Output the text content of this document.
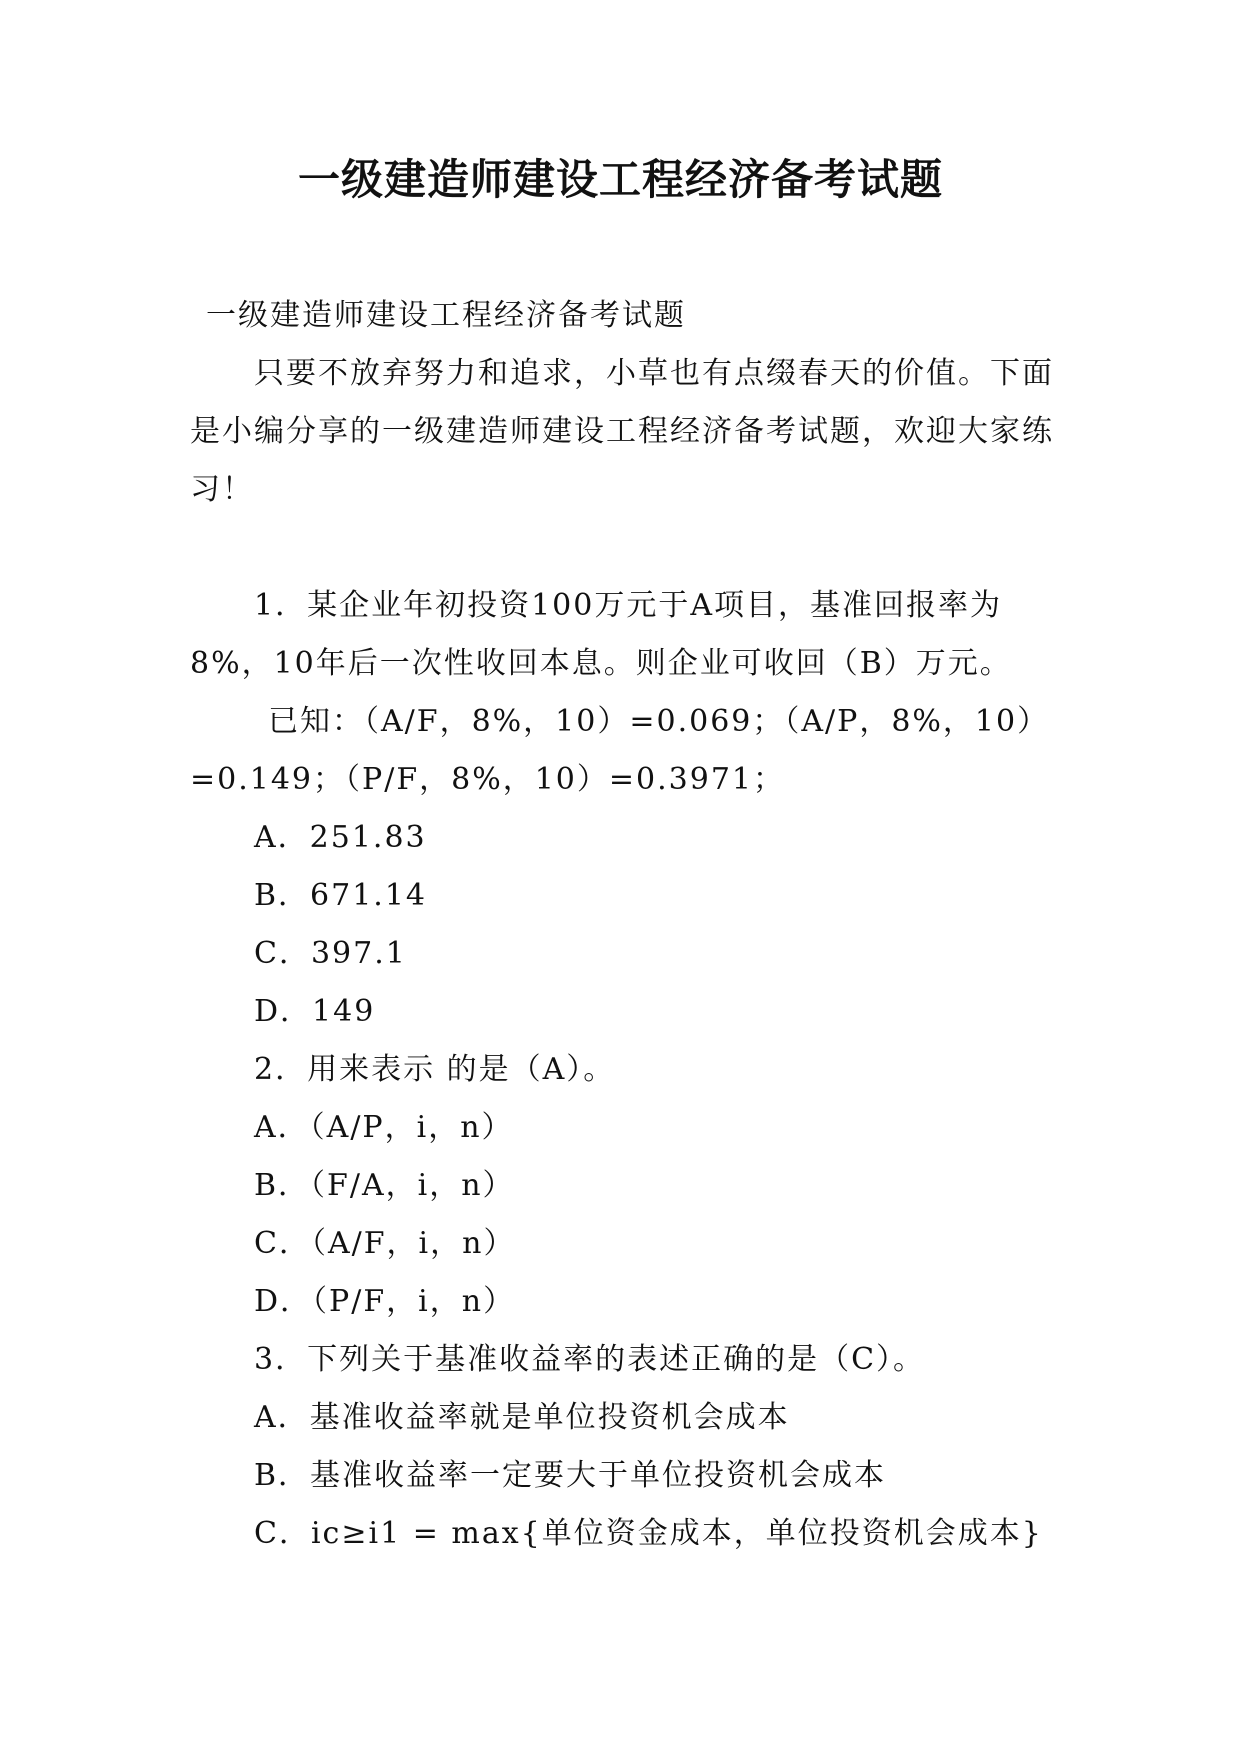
一级建造师建设工程经济备考试题

一级建造师建设工程经济备考试题

只要不放弃努力和追求，小草也有点缀春天的价值。下面是小编分享的一级建造师建设工程经济备考试题，欢迎大家练习！

1．某企业年初投资100万元于A项目，基准回报率为8%，10年后一次性收回本息。则企业可收回（B）万元。

已知：（A/F，8%，10）=0.069；（A/P，8%，10）=0.149；（P/F，8%，10）=0.3971；

A．251.83

B．671.14

C．397.1

D．149

2．用来表示 的是（A）。

A．（A/P，i，n）

B．（F/A，i，n）

C．（A/F，i，n）

D．（P/F，i，n）

3．下列关于基准收益率的表述正确的是（C）。

A．基准收益率就是单位投资机会成本

B．基准收益率一定要大于单位投资机会成本

C．ic≥i1 = max{单位资金成本，单位投资机会成本}
